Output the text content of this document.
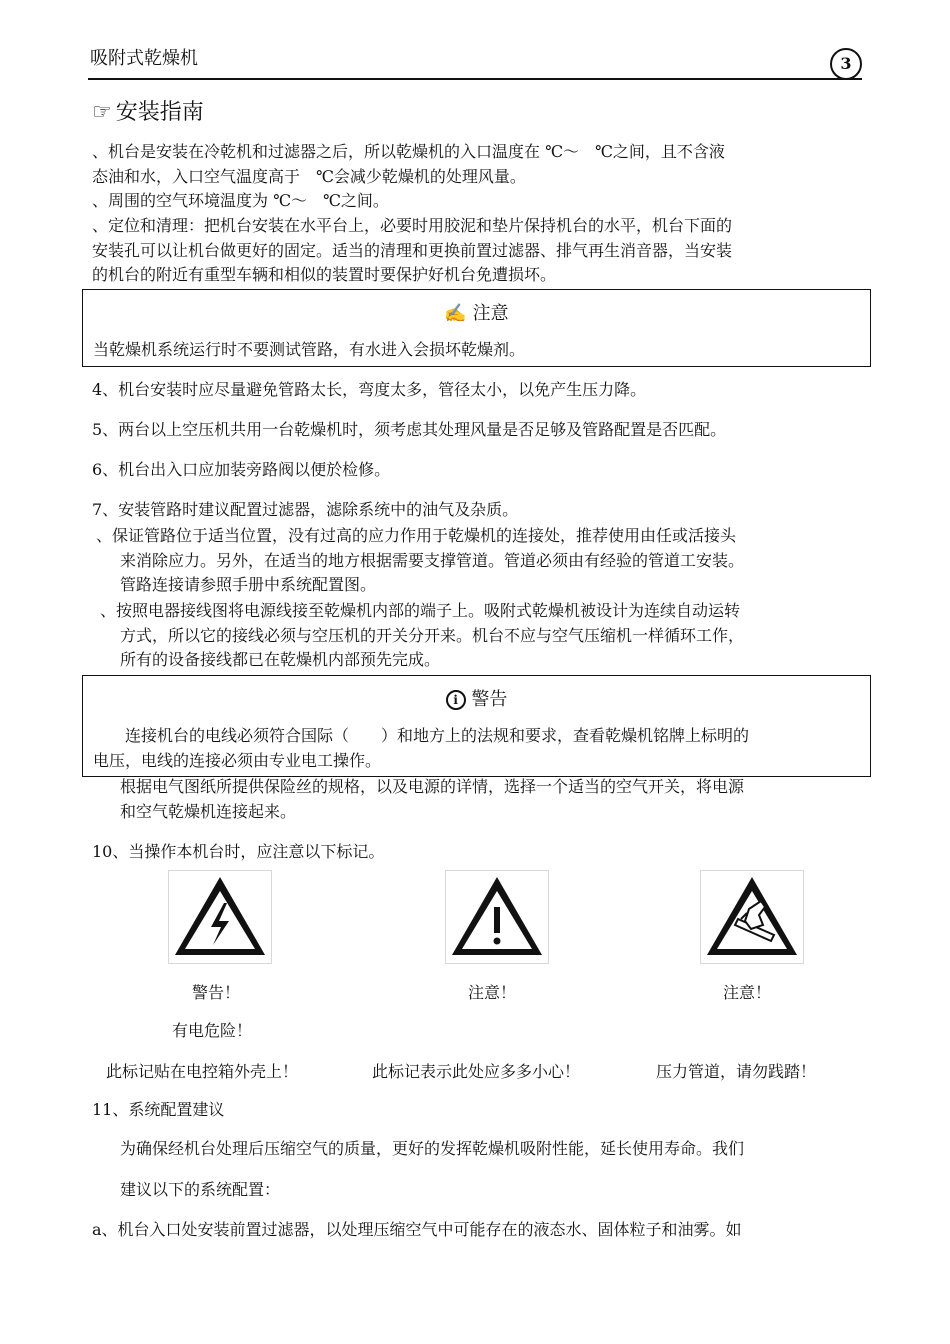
吸附式乾燥机	3
☞ 安装指南
、机台是安装在冷乾机和过滤器之后，所以乾燥机的入口温度在 ℃～　℃之间，且不含液
态油和水，入口空气温度高于　℃会减少乾燥机的处理风量。
、周围的空气环境温度为 ℃～　℃之间。
、定位和清理：把机台安装在水平台上，必要时用胶泥和垫片保持机台的水平，机台下面的
安装孔可以让机台做更好的固定。适当的清理和更换前置过滤器、排气再生消音器，当安装
的机台的附近有重型车辆和相似的装置时要保护好机台免遭损坏。
✍ 注意
当乾燥机系统运行时不要测试管路，有水进入会损坏乾燥剂。
4、机台安装时应尽量避免管路太长，弯度太多，管径太小，以免产生压力降。
5、两台以上空压机共用一台乾燥机时，须考虑其处理风量是否足够及管路配置是否匹配。
6、机台出入口应加装旁路阀以便於检修。
7、安装管路时建议配置过滤器，滤除系统中的油气及杂质。
、保证管路位于适当位置，没有过高的应力作用于乾燥机的连接处，推荐使用由任或活接头
来消除应力。另外，在适当的地方根据需要支撑管道。管道必须由有经验的管道工安装。
管路连接请参照手册中系统配置图。
、按照电器接线图将电源线接至乾燥机内部的端子上。吸附式乾燥机被设计为连续自动运转
方式，所以它的接线必须与空压机的开关分开来。机台不应与空气压缩机一样循环工作，
所有的设备接线都已在乾燥机内部预先完成。
i 警告
连接机台的电线必须符合国际（　　）和地方上的法规和要求，查看乾燥机铭牌上标明的
电压，电线的连接必须由专业电工操作。
根据电气图纸所提供保险丝的规格，以及电源的详情，选择一个适当的空气开关，将电源
和空气乾燥机连接起来。
10、当操作本机台时，应注意以下标记。
警告！	注意！	注意！
有电危险！
此标记贴在电控箱外壳上！	此标记表示此处应多多小心！	压力管道，请勿践踏！
11、系统配置建议
为确保经机台处理后压缩空气的质量，更好的发挥乾燥机吸附性能，延长使用寿命。我们
建议以下的系统配置：
a、机台入口处安装前置过滤器，以处理压缩空气中可能存在的液态水、固体粒子和油雾。如
